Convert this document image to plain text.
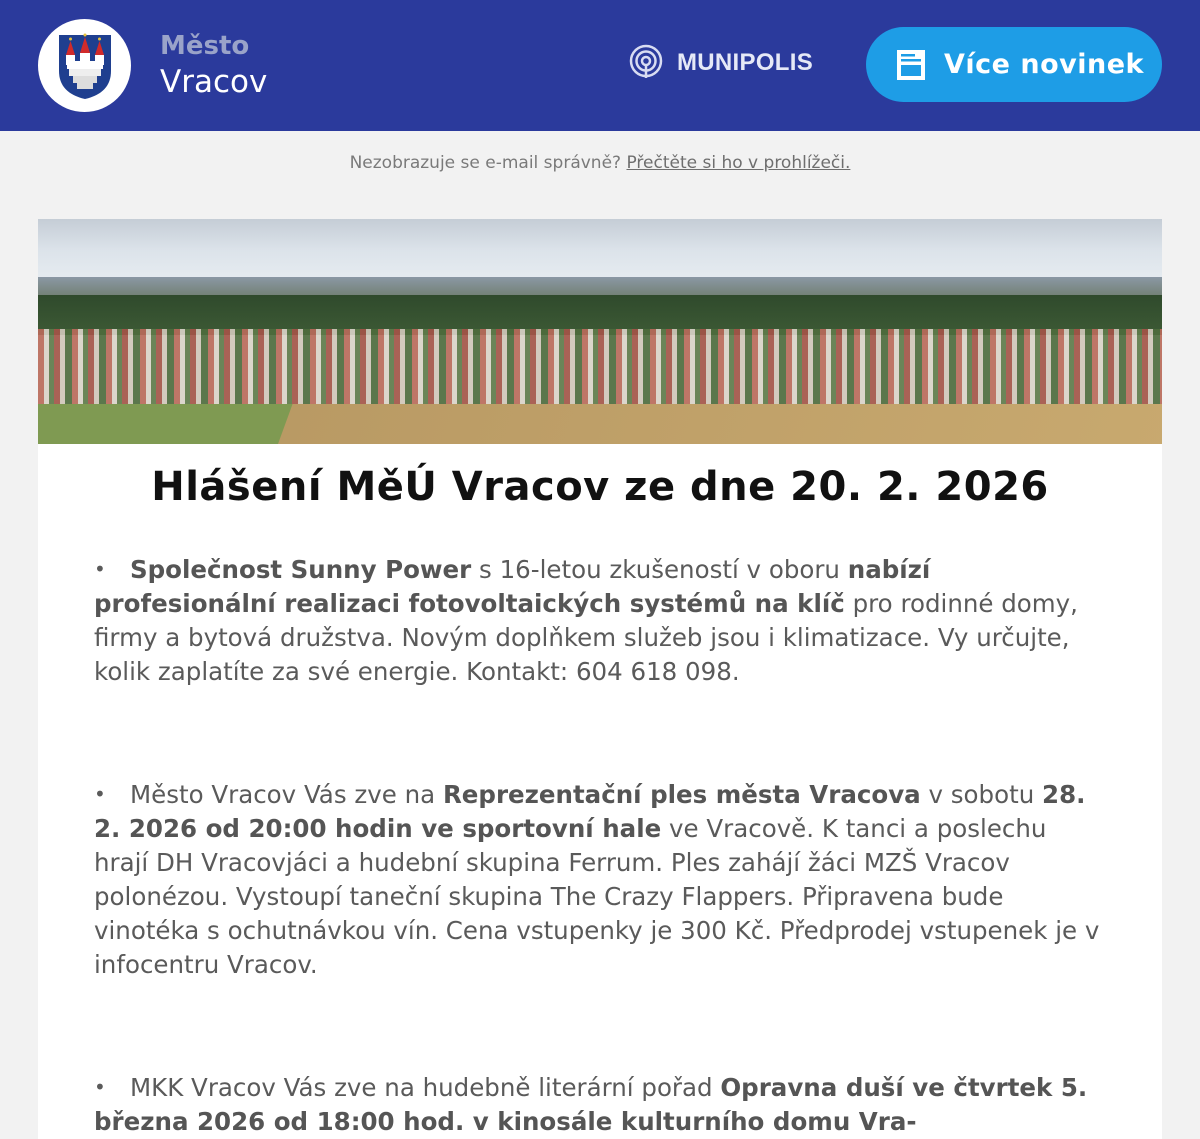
Město
Vracov
MUNIPOLIS	Více novinek
Nezobrazuje se e-mail správně? Přečtěte si ho v prohlížeči.
Hlášení MěÚ Vracov ze dne 20. 2. 2026
• Společnost Sunny Power s 16-letou zkušeností v oboru nabízí profesionální realizaci fotovoltaických systémů na klíč pro rodinné domy, firmy a bytová družstva. Novým doplňkem služeb jsou i klimatizace. Vy určujte, kolik zaplatíte za své energie. Kontakt: 604 618 098.
• Město Vracov Vás zve na Reprezentační ples města Vracova v sobotu 28. 2. 2026 od 20:00 hodin ve sportovní hale ve Vracově. K tanci a poslechu hrají DH Vracovjáci a hudební skupina Ferrum. Ples zahájí žáci MZŠ Vracov polonézou. Vystoupí taneční skupina The Crazy Flappers. Připravena bude vinotéka s ochutnávkou vín. Cena vstupenky je 300 Kč. Předprodej vstupenek je v infocentru Vracov.
• MKK Vracov Vás zve na hudebně literární pořad Opravna duší ve čtvrtek 5. března 2026 od 18:00 hod. v kinosále kulturního domu Vra-
